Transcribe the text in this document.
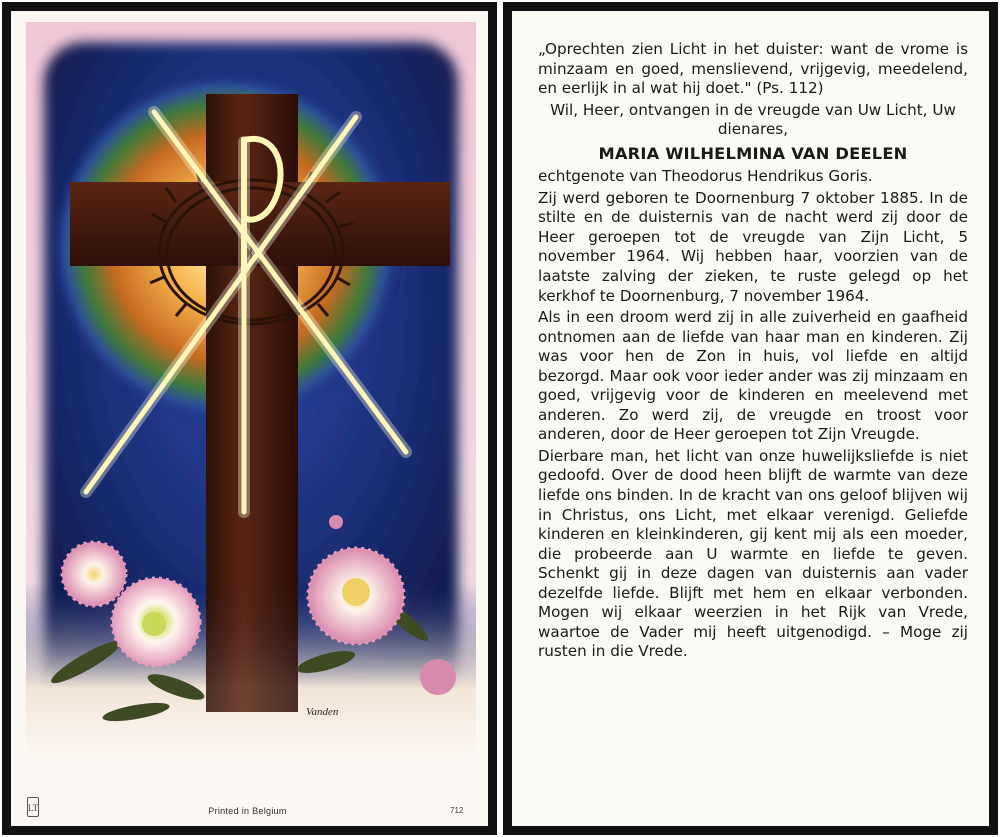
Vanden
LT	Printed in Belgium	712

„Oprechten zien Licht in het duister: want de vrome is minzaam en goed, menslievend, vrijgevig, meedelend, en eerlijk in al wat hij doet." (Ps. 112)

Wil, Heer, ontvangen in de vreugde van Uw Licht, Uw dienares,

MARIA WILHELMINA VAN DEELEN

echtgenote van Theodorus Hendrikus Goris.

Zij werd geboren te Doornenburg 7 oktober 1885. In de stilte en de duisternis van de nacht werd zij door de Heer geroepen tot de vreugde van Zijn Licht, 5 november 1964. Wij hebben haar, voorzien van de laatste zalving der zieken, te ruste gelegd op het kerkhof te Doornenburg, 7 november 1964.

Als in een droom werd zij in alle zuiverheid en gaafheid ontnomen aan de liefde van haar man en kinderen. Zij was voor hen de Zon in huis, vol liefde en altijd bezorgd. Maar ook voor ieder ander was zij minzaam en goed, vrijgevig voor de kinderen en meelevend met anderen. Zo werd zij, de vreugde en troost voor anderen, door de Heer geroepen tot Zijn Vreugde.

Dierbare man, het licht van onze huwelijksliefde is niet gedoofd. Over de dood heen blijft de warmte van deze liefde ons binden. In de kracht van ons geloof blijven wij in Christus, ons Licht, met elkaar verenigd. Geliefde kinderen en kleinkinderen, gij kent mij als een moeder, die probeerde aan U warmte en liefde te geven. Schenkt gij in deze dagen van duisternis aan vader dezelfde liefde. Blijft met hem en elkaar verbonden. Mogen wij elkaar weerzien in het Rijk van Vrede, waartoe de Vader mij heeft uitgenodigd. – Moge zij rusten in die Vrede.
